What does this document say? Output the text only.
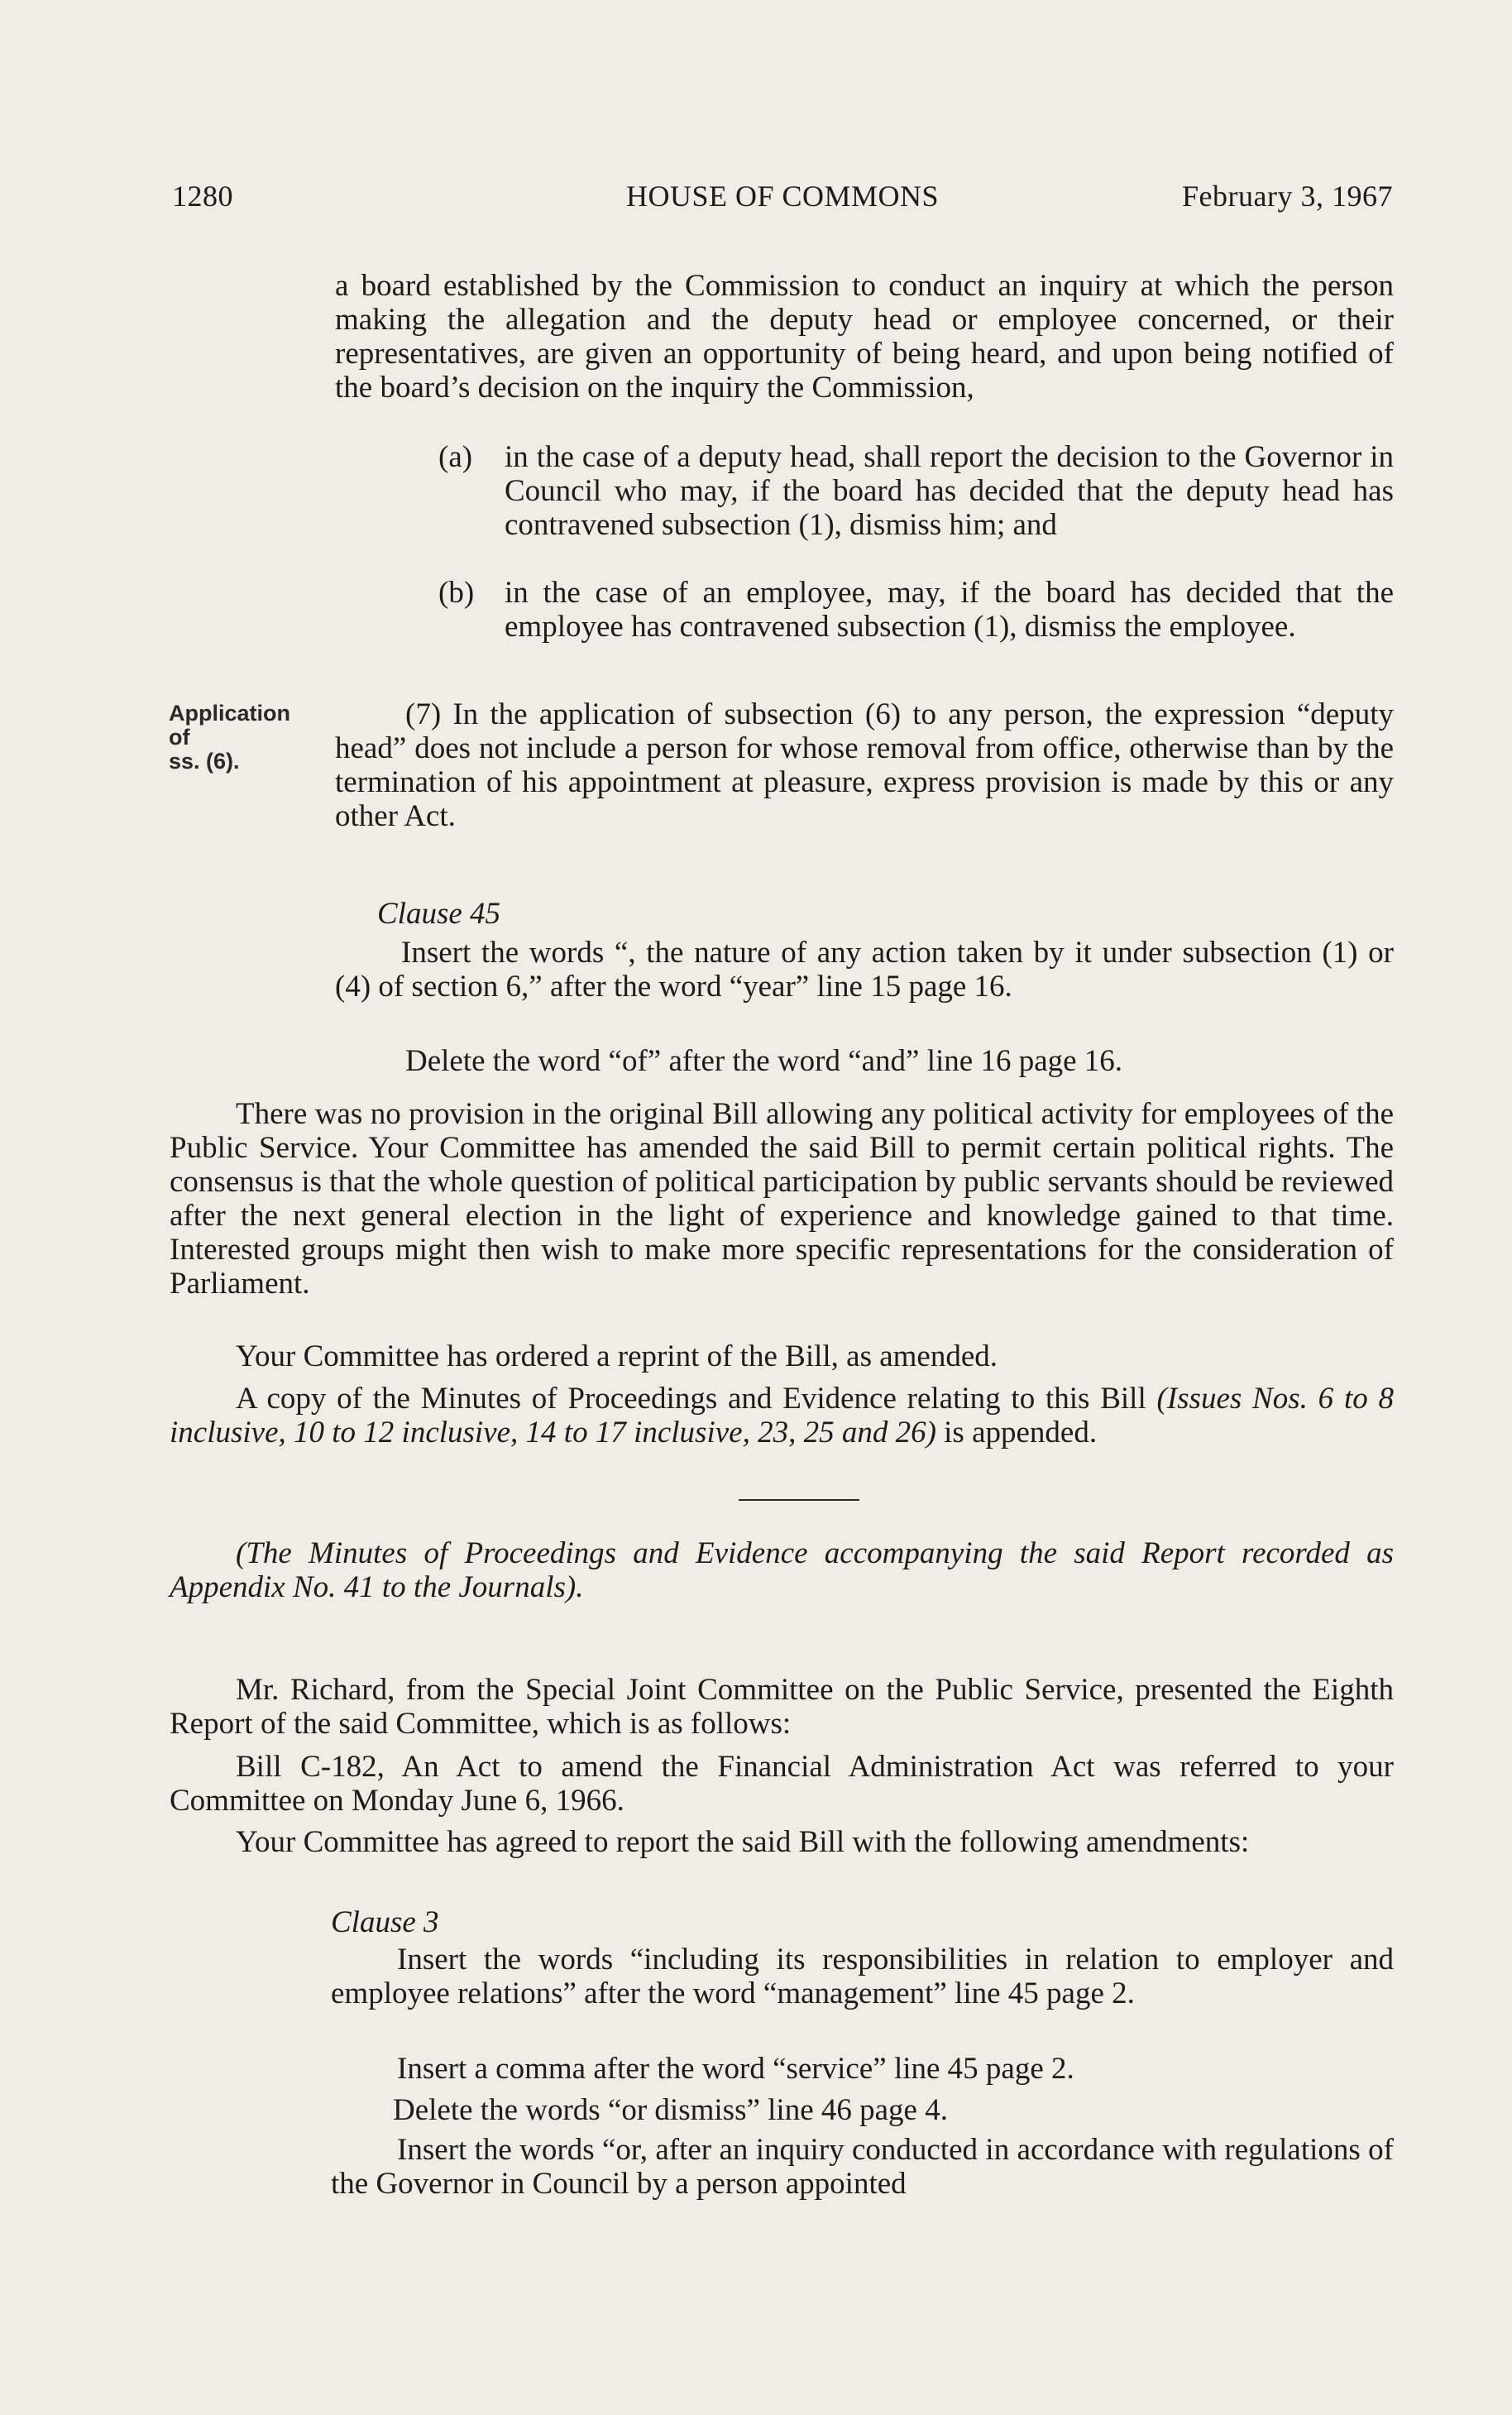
1280	HOUSE OF COMMONS	February 3, 1967

a board established by the Commission to conduct an inquiry at which the person making the allegation and the deputy head or employee concerned, or their representatives, are given an opportunity of being heard, and upon being notified of the board’s decision on the inquiry the Commission,

(a) in the case of a deputy head, shall report the decision to the Governor in Council who may, if the board has decided that the deputy head has contravened subsection (1), dismiss him; and
(b) in the case of an employee, may, if the board has decided that the employee has contravened subsection (1), dismiss the employee.
Application
of
ss. (6).

(7) In the application of subsection (6) to any person, the expression “deputy head” does not include a person for whose removal from office, otherwise than by the termination of his appointment at pleasure, express provision is made by this or any other Act.

Clause 45

Insert the words “, the nature of any action taken by it under subsection (1) or (4) of section 6,” after the word “year” line 15 page 16.

Delete the word “of” after the word “and” line 16 page 16.

There was no provision in the original Bill allowing any political activity for employees of the Public Service. Your Committee has amended the said Bill to permit certain political rights. The consensus is that the whole question of political participation by public servants should be reviewed after the next general election in the light of experience and knowledge gained to that time. Interested groups might then wish to make more specific representations for the consideration of Parliament.

Your Committee has ordered a reprint of the Bill, as amended.

A copy of the Minutes of Proceedings and Evidence relating to this Bill (Issues Nos. 6 to 8 inclusive, 10 to 12 inclusive, 14 to 17 inclusive, 23, 25 and 26) is appended.

(The Minutes of Proceedings and Evidence accompanying the said Report recorded as Appendix No. 41 to the Journals).

Mr. Richard, from the Special Joint Committee on the Public Service, presented the Eighth Report of the said Committee, which is as follows:

Bill C-182, An Act to amend the Financial Administration Act was referred to your Committee on Monday June 6, 1966.

Your Committee has agreed to report the said Bill with the following amendments:

Clause 3

Insert the words “including its responsibilities in relation to employer and employee relations” after the word “management” line 45 page 2.

Insert a comma after the word “service” line 45 page 2.

Delete the words “or dismiss” line 46 page 4.

Insert the words “or, after an inquiry conducted in accordance with regulations of the Governor in Council by a person appointed
